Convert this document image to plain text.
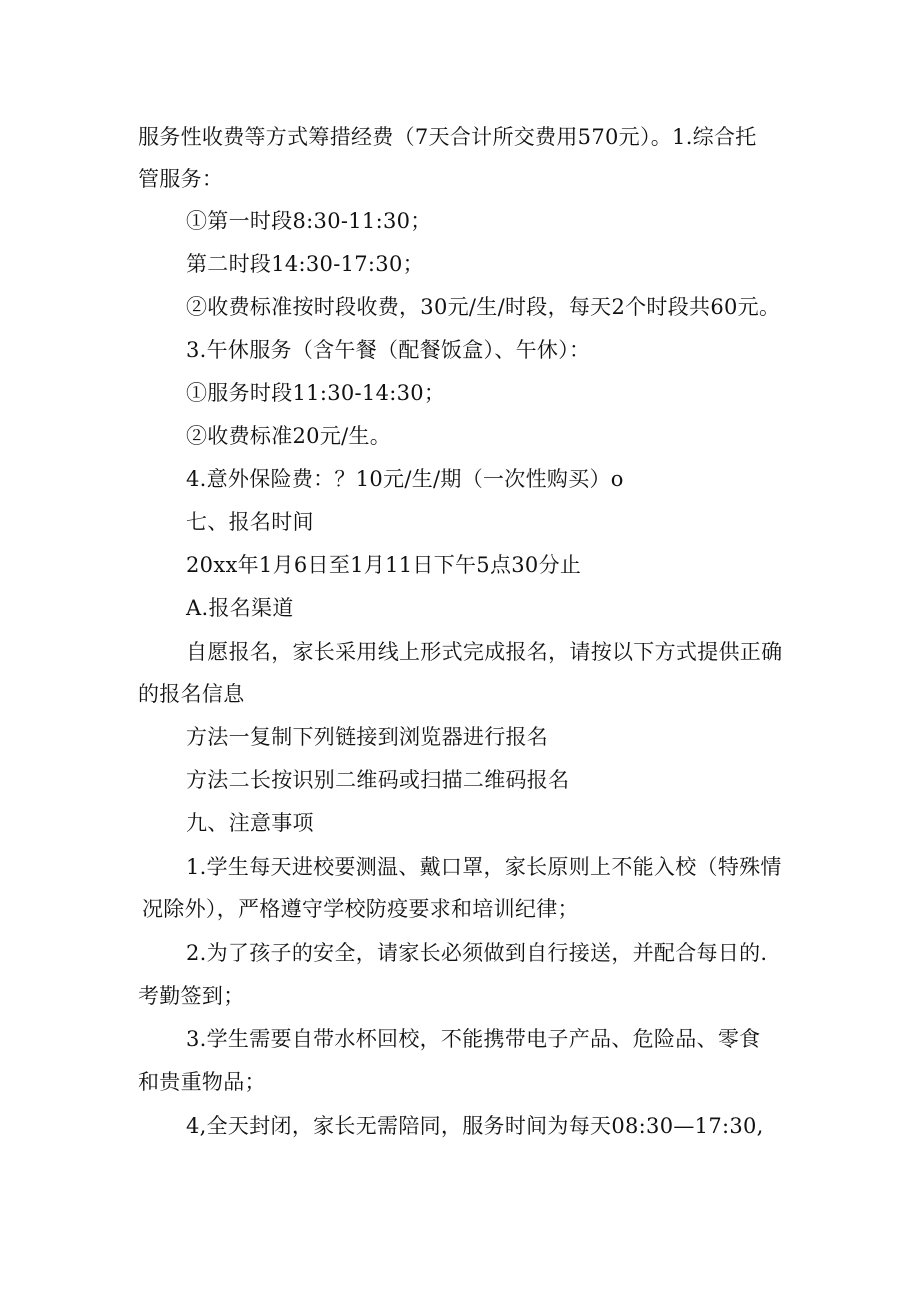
服务性收费等方式筹措经费（7天合计所交费用570元）。1.综合托
管服务：
①第一时段8:30-11:30；
第二时段14:30-17:30；
②收费标准按时段收费，30元/生/时段，每天2个时段共60元。
3.午休服务（含午餐（配餐饭盒）、午休）：
①服务时段11:30-14:30；
②收费标准20元/生。
4.意外保险费：？10元/生/期（一次性购买）o
七、报名时间
20xx年1月6日至1月11日下午5点30分止
A.报名渠道
自愿报名，家长采用线上形式完成报名，请按以下方式提供正确
的报名信息
方法一复制下列链接到浏览器进行报名
方法二长按识别二维码或扫描二维码报名
九、注意事项
1.学生每天进校要测温、戴口罩，家长原则上不能入校（特殊情
况除外），严格遵守学校防疫要求和培训纪律；
2.为了孩子的安全，请家长必须做到自行接送，并配合每日的.
考勤签到；
3.学生需要自带水杯回校，不能携带电子产品、危险品、零食
和贵重物品；
4,全天封闭，家长无需陪同，服务时间为每天08:30—17:30,
